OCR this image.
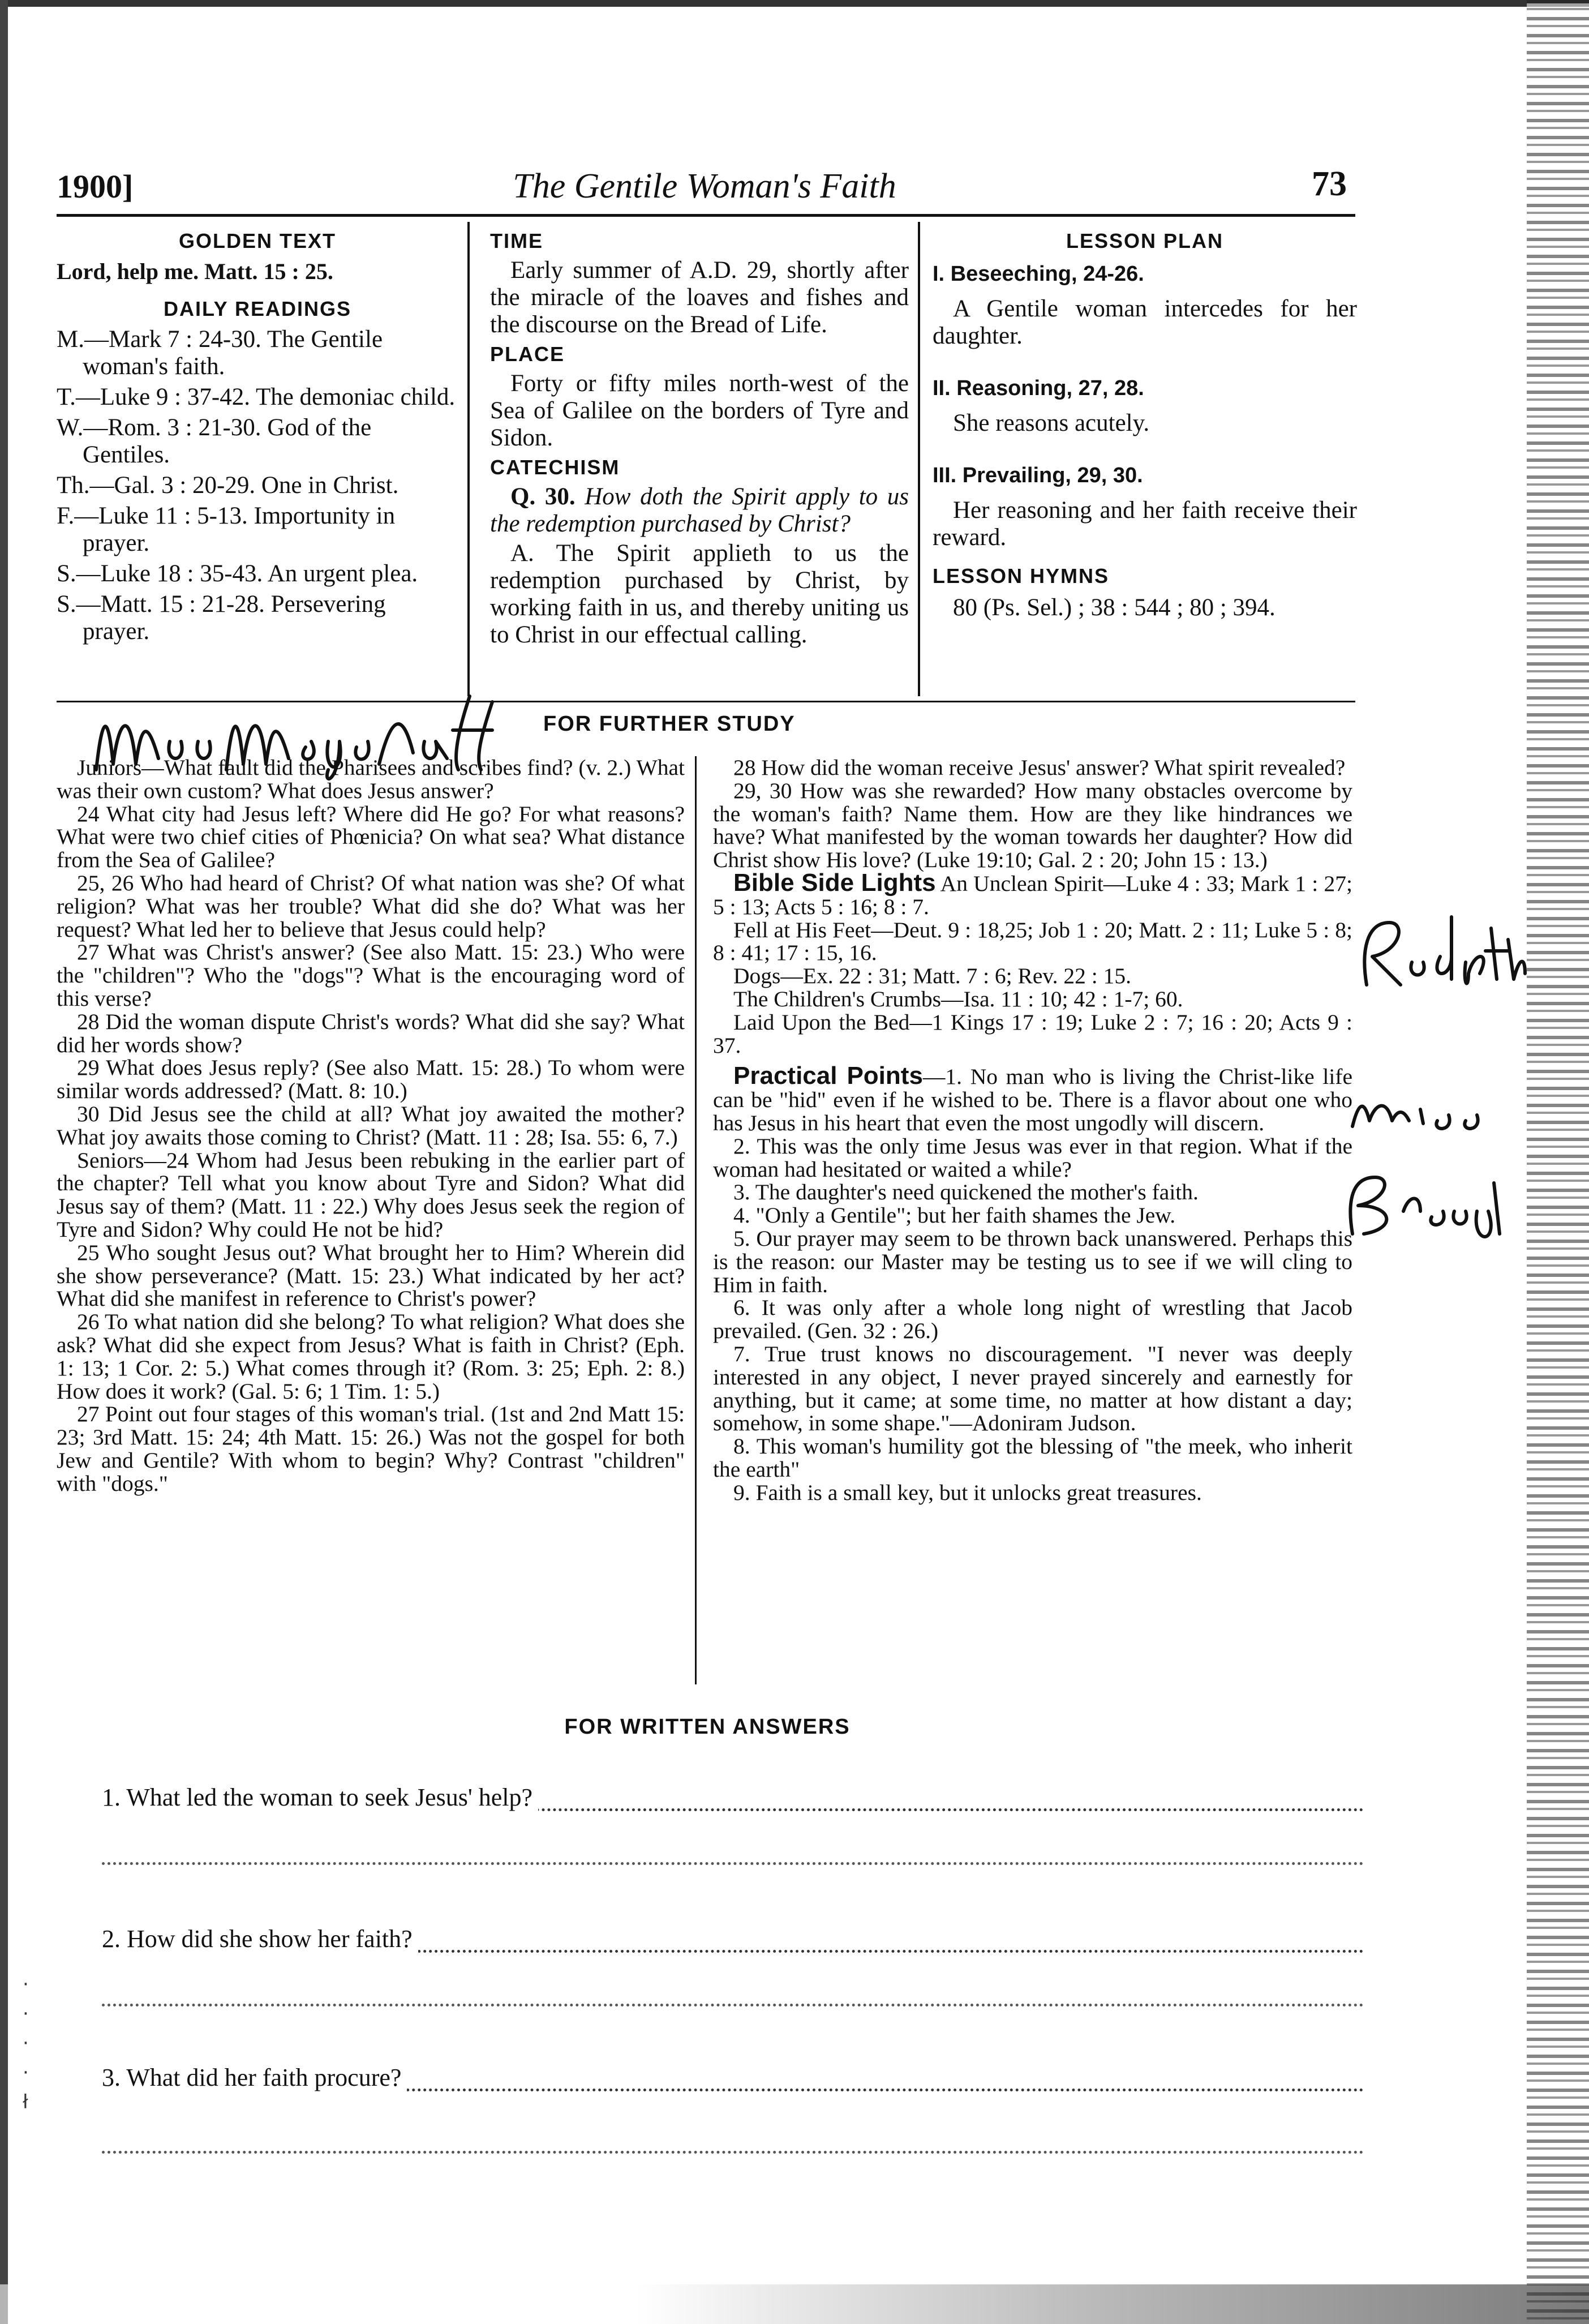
·
·
·
·
ł
1900]	The Gentile Woman's Faith	73
GOLDEN TEXT
Lord, help me. Matt. 15 : 25.
DAILY READINGS
M.—Mark 7 : 24-30. The Gentile woman's faith.
T.—Luke 9 : 37-42. The demoniac child.
W.—Rom. 3 : 21-30. God of the Gentiles.
Th.—Gal. 3 : 20-29. One in Christ.
F.—Luke 11 : 5-13. Importunity in prayer.
S.—Luke 18 : 35-43. An urgent plea.
S.—Matt. 15 : 21-28. Persevering prayer.
TIME
Early summer of A.D. 29, shortly after the miracle of the loaves and fishes and the discourse on the Bread of Life.
PLACE
Forty or fifty miles north-west of the Sea of Galilee on the borders of Tyre and Sidon.
CATECHISM
Q. 30. How doth the Spirit apply to us the redemption purchased by Christ?
A. The Spirit applieth to us the redemption purchased by Christ, by working faith in us, and thereby uniting us to Christ in our effectual calling.
LESSON PLAN
I. Beseeching, 24-26.
A Gentile woman intercedes for her daughter.
II. Reasoning, 27, 28.
She reasons acutely.
III. Prevailing, 29, 30.
Her reasoning and her faith receive their reward.
LESSON HYMNS
80 (Ps. Sel.) ; 38 : 544 ; 80 ; 394.
FOR FURTHER STUDY

Juniors—What fault did the Pharisees and scribes find? (v. 2.) What was their own custom? What does Jesus answer?

24 What city had Jesus left? Where did He go? For what reasons? What were two chief cities of Phœnicia? On what sea? What distance from the Sea of Galilee?

25, 26 Who had heard of Christ? Of what nation was she? Of what religion? What was her trouble? What did she do? What was her request? What led her to believe that Jesus could help?

27 What was Christ's answer? (See also Matt. 15: 23.) Who were the "children"? Who the "dogs"? What is the encouraging word of this verse?

28 Did the woman dispute Christ's words? What did she say? What did her words show?

29 What does Jesus reply? (See also Matt. 15: 28.) To whom were similar words addressed? (Matt. 8: 10.)

30 Did Jesus see the child at all? What joy awaited the mother? What joy awaits those coming to Christ? (Matt. 11 : 28; Isa. 55: 6, 7.)

Seniors—24 Whom had Jesus been rebuking in the earlier part of the chapter? Tell what you know about Tyre and Sidon? What did Jesus say of them? (Matt. 11 : 22.) Why does Jesus seek the region of Tyre and Sidon? Why could He not be hid?

25 Who sought Jesus out? What brought her to Him? Wherein did she show perseverance? (Matt. 15: 23.) What indicated by her act? What did she manifest in reference to Christ's power?

26 To what nation did she belong? To what religion? What does she ask? What did she expect from Jesus? What is faith in Christ? (Eph. 1: 13; 1 Cor. 2: 5.) What comes through it? (Rom. 3: 25; Eph. 2: 8.) How does it work? (Gal. 5: 6; 1 Tim. 1: 5.)

27 Point out four stages of this woman's trial. (1st and 2nd Matt 15: 23; 3rd Matt. 15: 24; 4th Matt. 15: 26.) Was not the gospel for both Jew and Gentile? With whom to begin? Why? Contrast "children" with "dogs."

28 How did the woman receive Jesus' answer? What spirit revealed?

29, 30 How was she rewarded? How many obstacles overcome by the woman's faith? Name them. How are they like hindrances we have? What manifested by the woman towards her daughter? How did Christ show His love? (Luke 19:10; Gal. 2 : 20; John 15 : 13.)

Bible Side Lights An Unclean Spirit—Luke 4 : 33; Mark 1 : 27; 5 : 13; Acts 5 : 16; 8 : 7.

Fell at His Feet—Deut. 9 : 18,25; Job 1 : 20; Matt. 2 : 11; Luke 5 : 8; 8 : 41; 17 : 15, 16.

Dogs—Ex. 22 : 31; Matt. 7 : 6; Rev. 22 : 15.

The Children's Crumbs—Isa. 11 : 10; 42 : 1-7; 60.

Laid Upon the Bed—1 Kings 17 : 19; Luke 2 : 7; 16 : 20; Acts 9 : 37.

Practical Points—1. No man who is living the Christ-like life can be "hid" even if he wished to be. There is a flavor about one who has Jesus in his heart that even the most ungodly will discern.

2. This was the only time Jesus was ever in that region. What if the woman had hesitated or waited a while?

3. The daughter's need quickened the mother's faith.

4. "Only a Gentile"; but her faith shames the Jew.

5. Our prayer may seem to be thrown back unanswered. Perhaps this is the reason: our Master may be testing us to see if we will cling to Him in faith.

6. It was only after a whole long night of wrestling that Jacob prevailed. (Gen. 32 : 26.)

7. True trust knows no discouragement. "I never was deeply interested in any object, I never prayed sincerely and earnestly for anything, but it came; at some time, no matter at how distant a day; somehow, in some shape."—Adoniram Judson.

8. This woman's humility got the blessing of "the meek, who inherit the earth"

9. Faith is a small key, but it unlocks great treasures.

FOR WRITTEN ANSWERS
1. What led the woman to seek Jesus' help?
2. How did she show her faith?
3. What did her faith procure?
